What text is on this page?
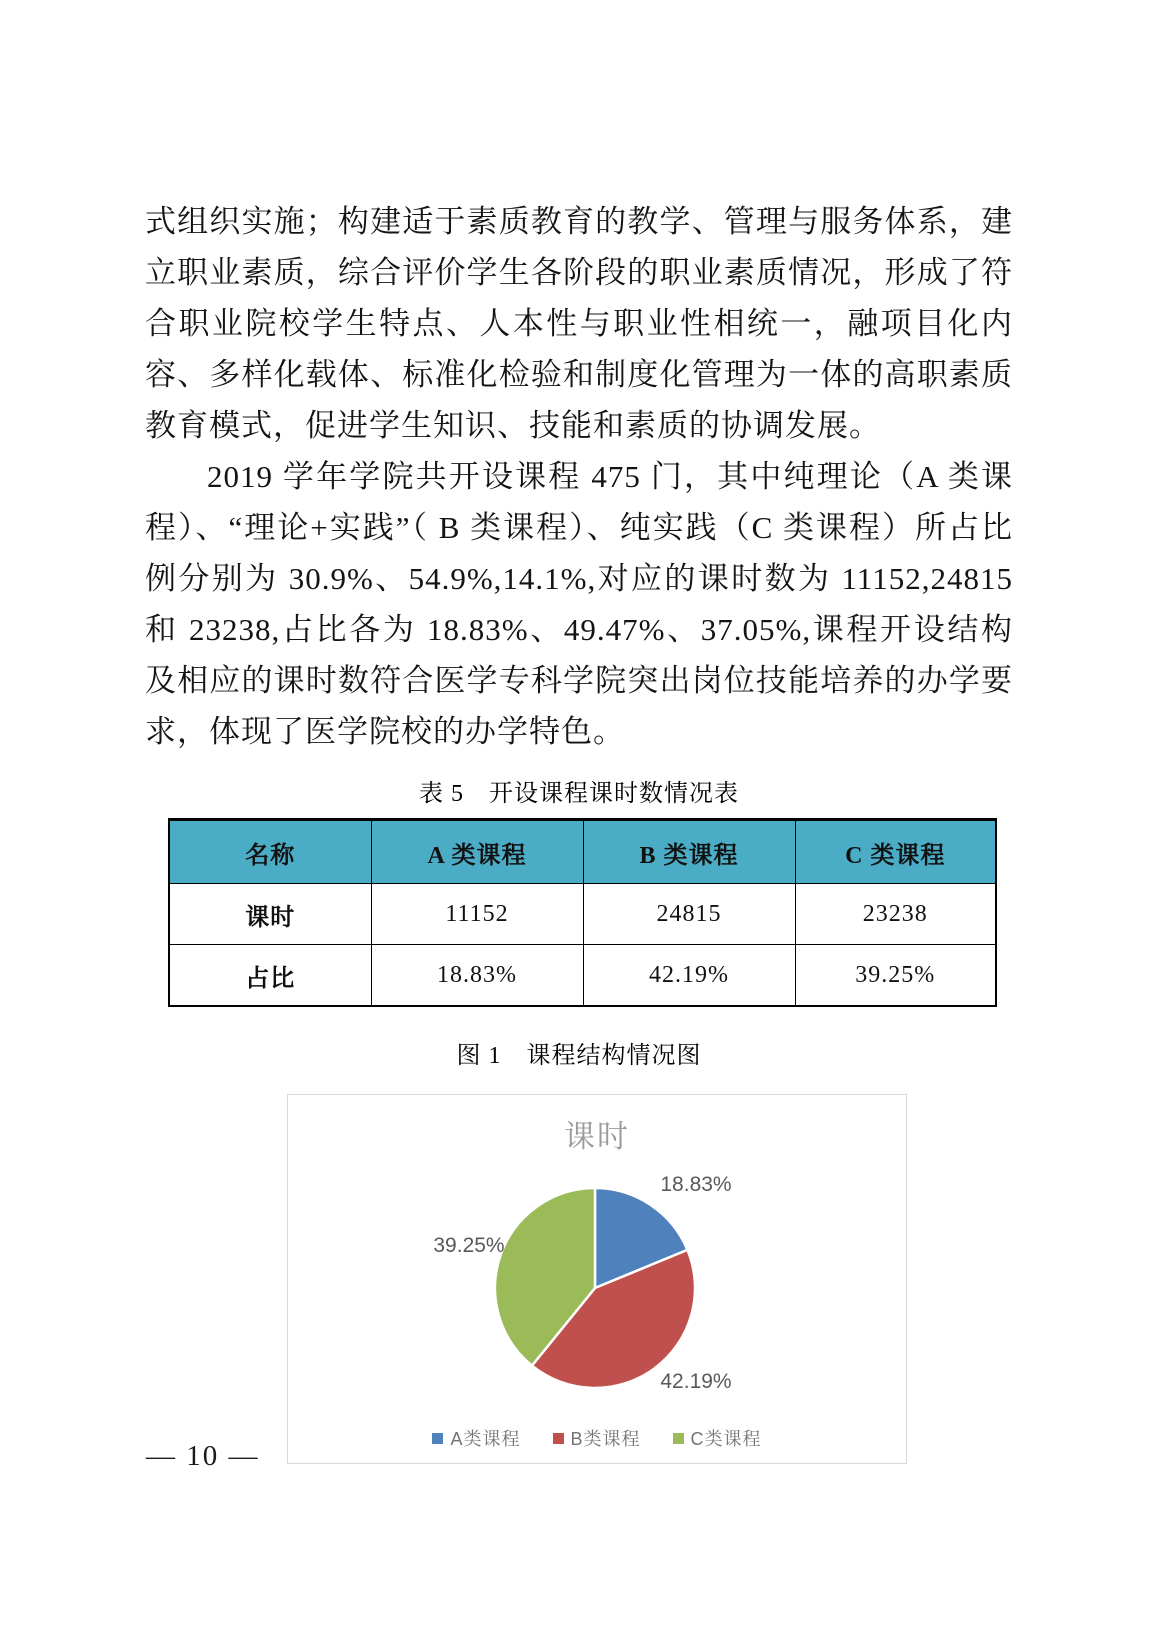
式组织实施；构建适于素质教育的教学、管理与服务体系，建立职业素质，综合评价学生各阶段的职业素质情况，形成了符合职业院校学生特点、人本性与职业性相统一，融项目化内容、多样化载体、标准化检验和制度化管理为一体的高职素质教育模式，促进学生知识、技能和素质的协调发展。

2019 学年学院共开设课程 475 门，其中纯理论（A 类课程）、“理论+实践”（ B 类课程）、纯实践（C 类课程）所占比例分别为 30.9%、54.9%,14.1%,对应的课时数为 11152,24815 和 23238,占比各为 18.83%、49.47%、37.05%,课程开设结构及相应的课时数符合医学专科学院突出岗位技能培养的办学要求，体现了医学院校的办学特色。

表 5　开设课程课时数情况表
名称	A 类课程	B 类课程	C 类课程
课时	11152	24815	23238
占比	18.83%	42.19%	39.25%
图 1　课程结构情况图
课时
18.83%
39.25%
42.19%
A类课程	B类课程	C类课程
— 10 —
